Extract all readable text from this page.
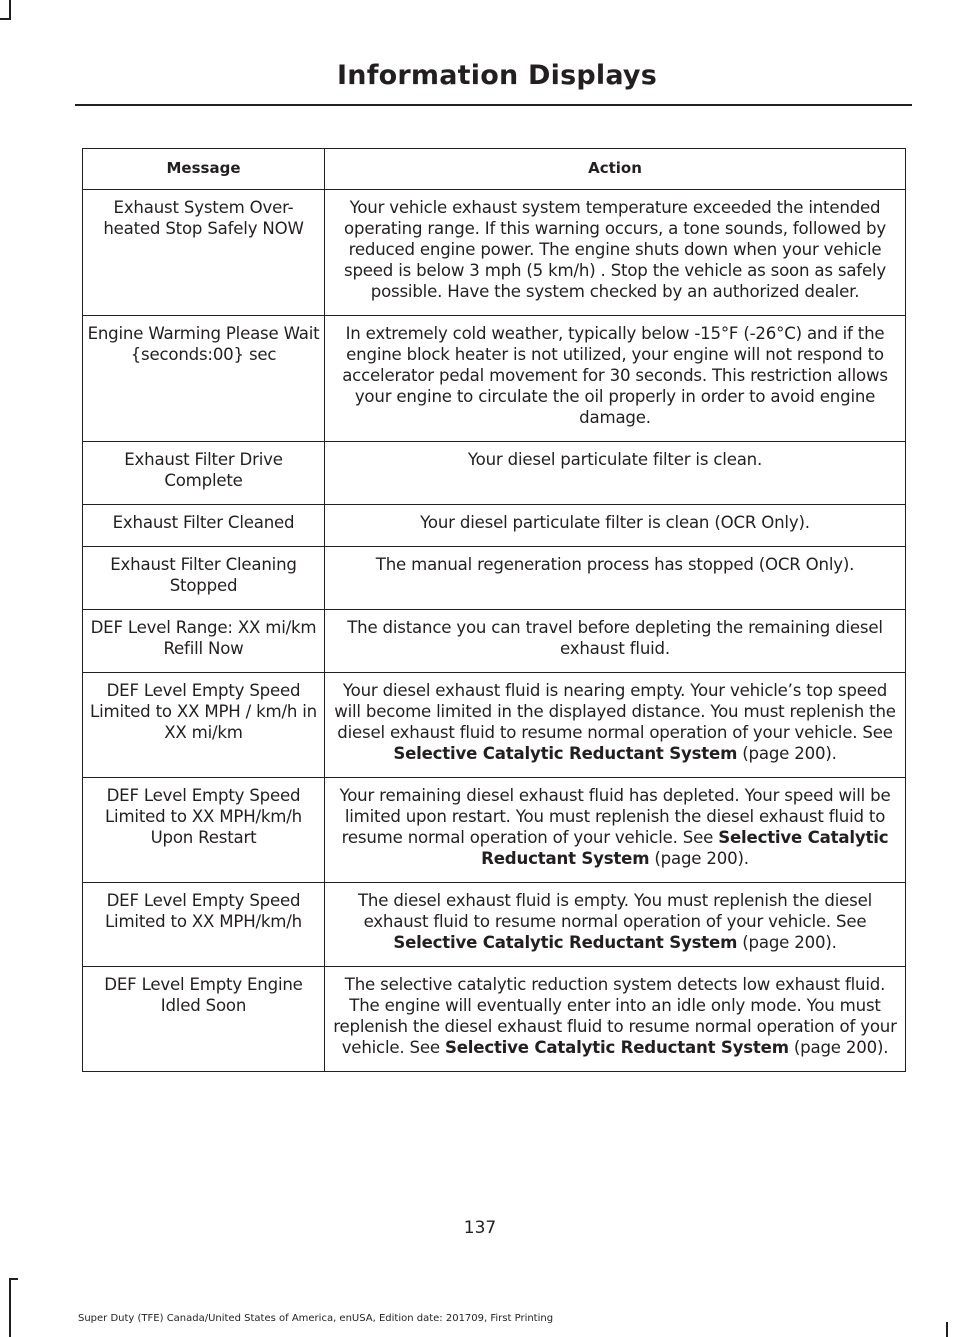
Information Displays
Message	Action
Exhaust System Over-heated Stop Safely NOW	Your vehicle exhaust system temperature exceeded the intended operating range. If this warning occurs, a tone sounds, followed by reduced engine power. The engine shuts down when your vehicle speed is below 3 mph (5 km/h) . Stop the vehicle as soon as safely possible. Have the system checked by an authorized dealer.
Engine Warming Please Wait {seconds:00} sec	In extremely cold weather, typically below -15°F (-26°C) and if the engine block heater is not utilized, your engine will not respond to accelerator pedal movement for 30 seconds. This restriction allows your engine to circulate the oil properly in order to avoid engine damage.
Exhaust Filter Drive Complete	Your diesel particulate filter is clean.
Exhaust Filter Cleaned	Your diesel particulate filter is clean (OCR Only).
Exhaust Filter Cleaning Stopped	The manual regeneration process has stopped (OCR Only).
DEF Level Range: XX mi/km Refill Now	The distance you can travel before depleting the remaining diesel exhaust fluid.
DEF Level Empty Speed Limited to XX MPH / km/h in XX mi/km	Your diesel exhaust fluid is nearing empty. Your vehicle’s top speed will become limited in the displayed distance. You must replenish the diesel exhaust fluid to resume normal operation of your vehicle. See Selective Catalytic Reductant System (page 200).
DEF Level Empty Speed Limited to XX MPH/km/h Upon Restart	Your remaining diesel exhaust fluid has depleted. Your speed will be limited upon restart. You must replenish the diesel exhaust fluid to resume normal operation of your vehicle. See Selective Catalytic Reductant System (page 200).
DEF Level Empty Speed Limited to XX MPH/km/h	The diesel exhaust fluid is empty. You must replenish the diesel exhaust fluid to resume normal operation of your vehicle. See Selective Catalytic Reductant System (page 200).
DEF Level Empty Engine Idled Soon	The selective catalytic reduction system detects low exhaust fluid. The engine will eventually enter into an idle only mode. You must replenish the diesel exhaust fluid to resume normal operation of your vehicle. See Selective Catalytic Reductant System (page 200).
137
Super Duty (TFE) Canada/United States of America, enUSA, Edition date: 201709, First Printing
